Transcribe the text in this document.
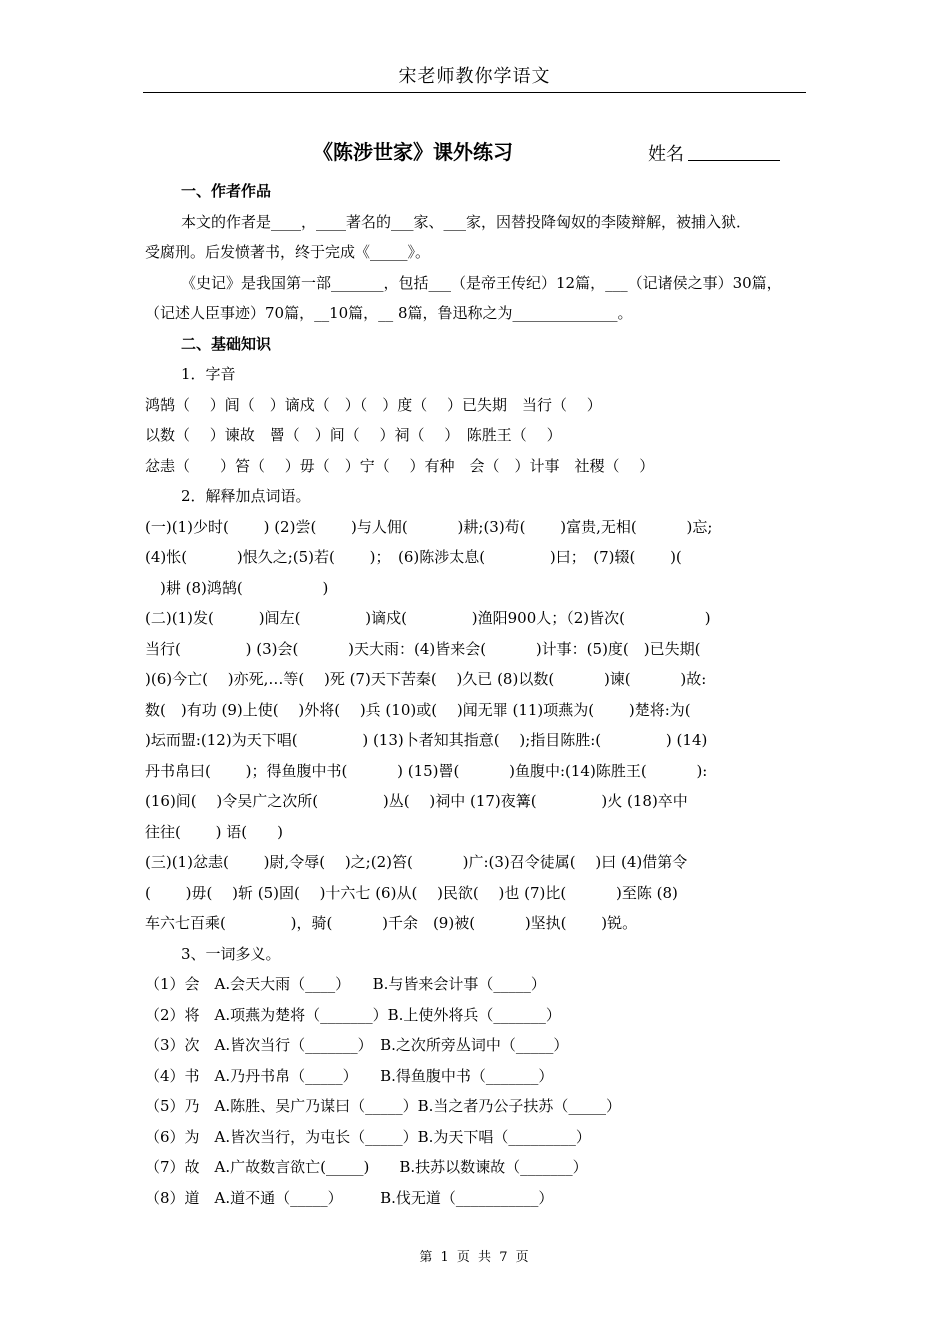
宋老师教你学语文
《陈涉世家》课外练习	姓名
一、作者作品
本文的作者是____，____著名的___家、___家，因替投降匈奴的李陵辩解，被捕入狱．
受腐刑。后发愤著书，终于完成《_____》。
《史记》是我国第一部_______，包括___（是帝王传纪）12篇，___（记诸侯之事）30篇，
（记述人臣事迹）70篇，__10篇，__ 8篇，鲁迅称之为______________。
二、基础知识
1．字音
鸿鹄（　 ）闾（　）谪戍（　）（　）度（　 ）已失期　当行（　 ）
以数（　 ）谏故　罾（　）间（　 ）祠（　 ）　陈胜王（　 ）
忿恚（　　）笞（　 ）毋（　）宁（　 ）有种　会（　）计事　社稷（　 ）
2．解释加点词语。
(一)(1)少时(　　 ) (2)尝(　　 )与人佣(　　　 )耕;(3)苟(　　 )富贵,无相(　　　 )忘;
(4)怅(　　　 )恨久之;(5)若(　　 )；　(6)陈涉太息(　　　　 )曰；　(7)辍(　　 )(
　)耕 (8)鸿鹄(　　　　　 )
(二)(1)发(　　　)闾左(　　　　 )谪戍(　　　　 )渔阳900人；（2)皆次(　　　　　 )
当行(　　　　 ) (3)会(　　　 )天大雨：(4)皆来会(　　　 )计事：(5)度(　)已失期(
)(6)今亡(　 )亦死,…等(　 )死 (7)天下苦秦(　 )久已 (8)以数(　　　 )谏(　　　 )故:
数(　)有功 (9)上使(　 )外将(　 )兵 (10)或(　 )闻无罪 (11)项燕为(　　 )楚将:为(
)坛而盟:(12)为天下唱(　　　　 ) (13)卜者知其指意(　 );指目陈胜:(　　　　 ) (14)
丹书帛曰(　　 )；得鱼腹中书(　　　 ) (15)罾(　　　 )鱼腹中:(14)陈胜王(　　　 ):
(16)间(　 )令吴广之次所(　　　　 )丛(　 )祠中 (17)夜篝(　　　　 )火 (18)卒中
往往(　　 ) 语(　　)
(三)(1)忿恚(　　 )尉,令辱(　 )之;(2)笞(　　　 )广:(3)召令徒属(　 )曰 (4)借第令
(　　 )毋(　 )斩 (5)固(　 )十六七 (6)从(　 )民欲(　 )也 (7)比(　　　 )至陈 (8)
车六七百乘(　　　　 )，骑(　　　 )千余　(9)被(　　　 )坚执(　　 )锐。
3、一词多义。
（1）会　A.会天大雨（____）　　B.与皆来会计事（_____）
（2）将　A.项燕为楚将（_______）B.上使外将兵（_______）
（3）次　A.皆次当行（_______）　B.之次所旁丛词中（_____）
（4）书　A.乃丹书帛（_____）　　B.得鱼腹中书（_______）
（5）乃　A.陈胜、吴广乃谋曰（_____）B.当之者乃公子扶苏（_____）
（6）为　A.皆次当行，为屯长（_____）B.为天下唱（_________）
（7）故　A.广故数言欲亡(_____)　　B.扶苏以数谏故（_______）
（8）道　A.道不通（_____）　　　B.伐无道（___________）
第 1 页 共 7 页
